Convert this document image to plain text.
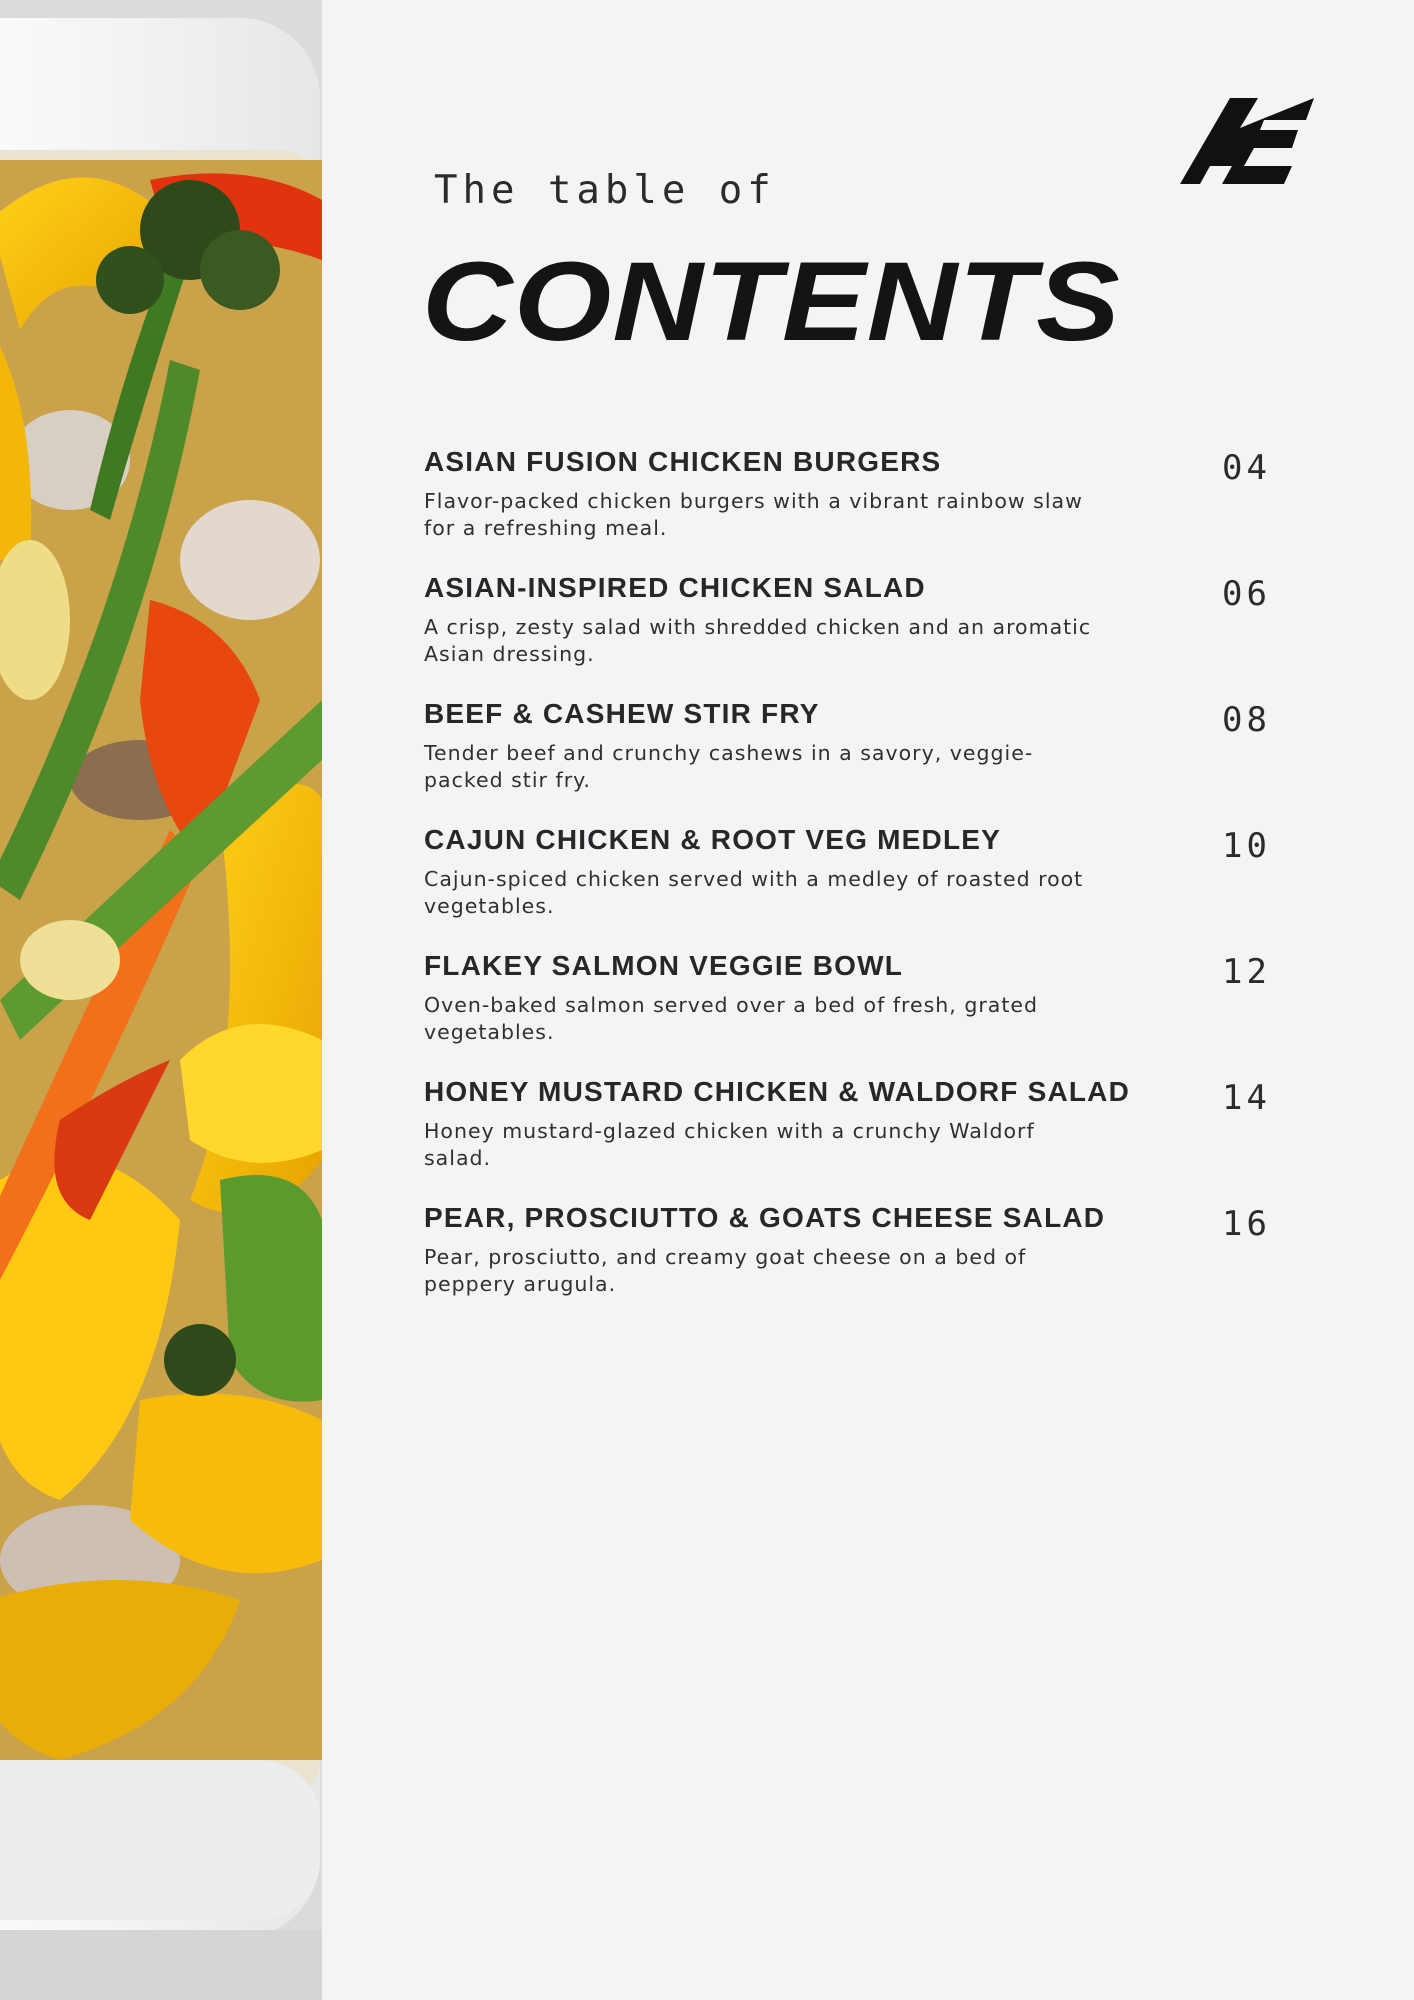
The table of
CONTENTS

ASIAN FUSION CHICKEN BURGERS

Flavor-packed chicken burgers with a vibrant rainbow slaw for a refreshing meal.

04

ASIAN-INSPIRED CHICKEN SALAD

A crisp, zesty salad with shredded chicken and an aromatic Asian dressing.

06

BEEF & CASHEW STIR FRY

Tender beef and crunchy cashews in a savory, veggie-packed stir fry.

08

CAJUN CHICKEN & ROOT VEG MEDLEY

Cajun-spiced chicken served with a medley of roasted root vegetables.

10

FLAKEY SALMON VEGGIE BOWL

Oven-baked salmon served over a bed of fresh, grated vegetables.

12

HONEY MUSTARD CHICKEN & WALDORF SALAD

Honey mustard-glazed chicken with a crunchy Waldorf salad.

14

PEAR, PROSCIUTTO & GOATS CHEESE SALAD

Pear, prosciutto, and creamy goat cheese on a bed of peppery arugula.

16
